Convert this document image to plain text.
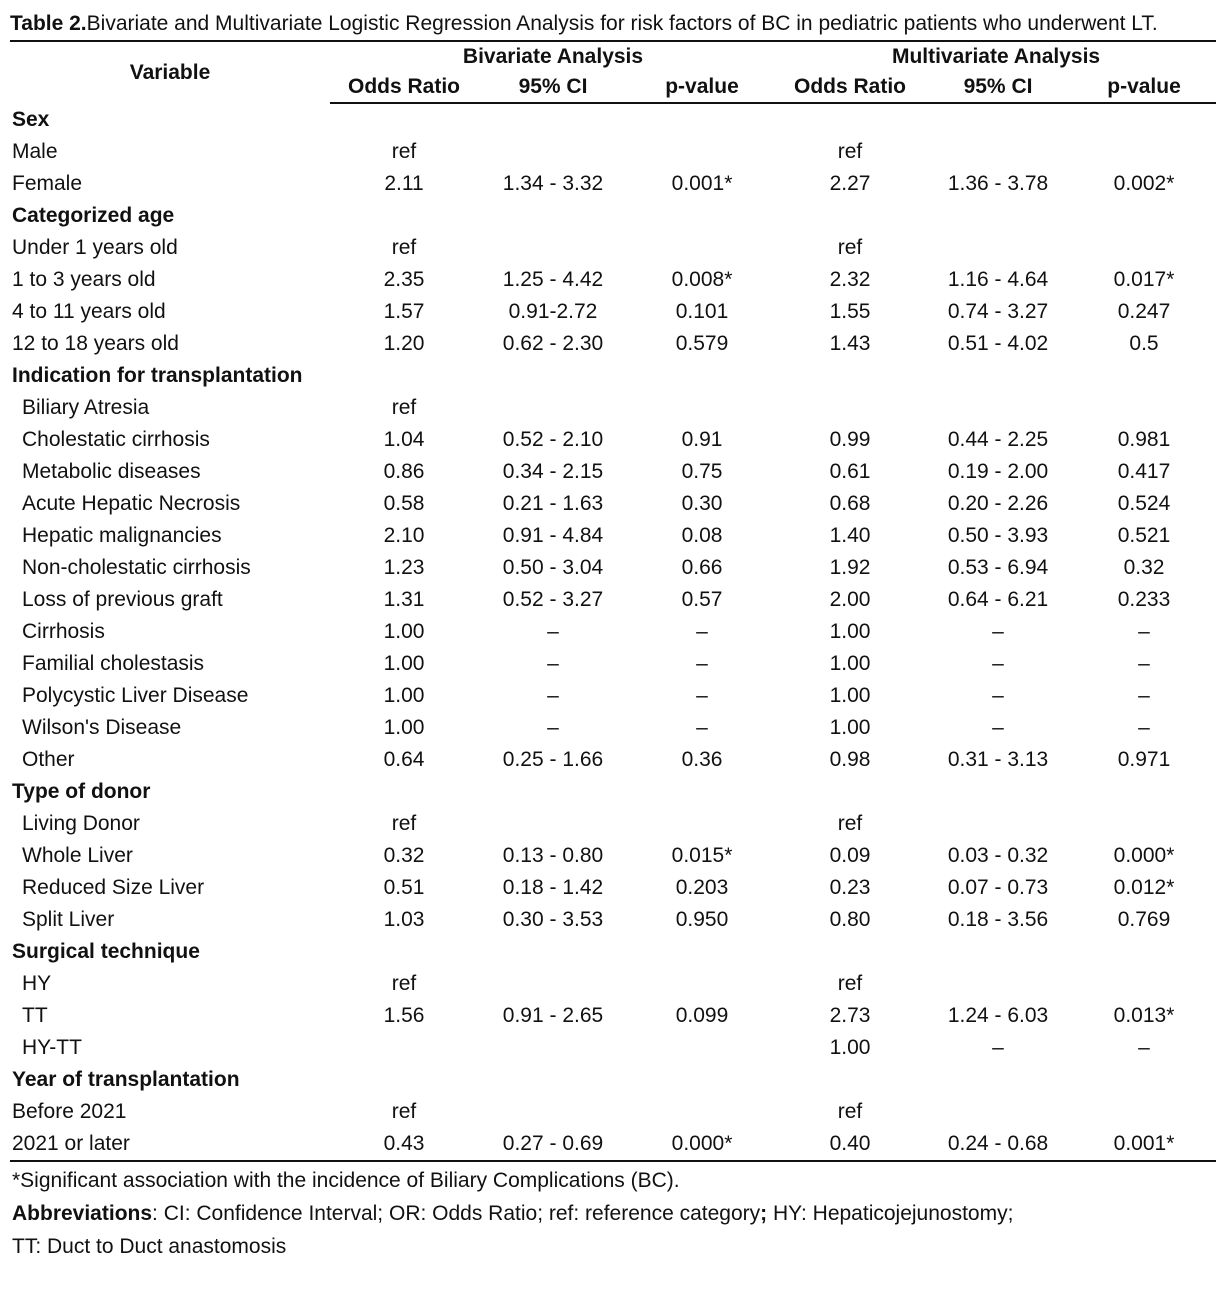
Table 2.Bivariate and Multivariate Logistic Regression Analysis for risk factors of BC in pediatric patients who underwent LT.

Variable	Bivariate Analysis			Multivariate Analysis		
	Odds Ratio	95% CI	p-value	Odds Ratio	95% CI	p-value
Sex						
Male	ref			ref		
Female	2.11	1.34 - 3.32	0.001*	2.27	1.36 - 3.78	0.002*
Categorized age						
Under 1 years old	ref			ref		
1 to 3 years old	2.35	1.25 - 4.42	0.008*	2.32	1.16 - 4.64	0.017*
4 to 11 years old	1.57	0.91-2.72	0.101	1.55	0.74 - 3.27	0.247
12 to 18 years old	1.20	0.62 - 2.30	0.579	1.43	0.51 - 4.02	0.5
Indication for transplantation						
Biliary Atresia	ref					
Cholestatic cirrhosis	1.04	0.52 - 2.10	0.91	0.99	0.44 - 2.25	0.981
Metabolic diseases	0.86	0.34 - 2.15	0.75	0.61	0.19 - 2.00	0.417
Acute Hepatic Necrosis	0.58	0.21 - 1.63	0.30	0.68	0.20 - 2.26	0.524
Hepatic malignancies	2.10	0.91 - 4.84	0.08	1.40	0.50 - 3.93	0.521
Non-cholestatic cirrhosis	1.23	0.50 - 3.04	0.66	1.92	0.53 - 6.94	0.32
Loss of previous graft	1.31	0.52 - 3.27	0.57	2.00	0.64 - 6.21	0.233
Cirrhosis	1.00	–	–	1.00	–	–
Familial cholestasis	1.00	–	–	1.00	–	–
Polycystic Liver Disease	1.00	–	–	1.00	–	–
Wilson's Disease	1.00	–	–	1.00	–	–
Other	0.64	0.25 - 1.66	0.36	0.98	0.31 - 3.13	0.971
Type of donor						
Living Donor	ref			ref		
Whole Liver	0.32	0.13 - 0.80	0.015*	0.09	0.03 - 0.32	0.000*
Reduced Size Liver	0.51	0.18 - 1.42	0.203	0.23	0.07 - 0.73	0.012*
Split Liver	1.03	0.30 - 3.53	0.950	0.80	0.18 - 3.56	0.769
Surgical technique						
HY	ref			ref		
TT	1.56	0.91 - 2.65	0.099	2.73	1.24 - 6.03	0.013*
HY-TT				1.00	–	–
Year of transplantation						
Before 2021	ref			ref		
2021 or later	0.43	0.27 - 0.69	0.000*	0.40	0.24 - 0.68	0.001*
*Significant association with the incidence of Biliary Complications (BC).
Abbreviations: CI: Confidence Interval; OR: Odds Ratio; ref: reference category; HY: Hepaticojejunostomy;
TT: Duct to Duct anastomosis
